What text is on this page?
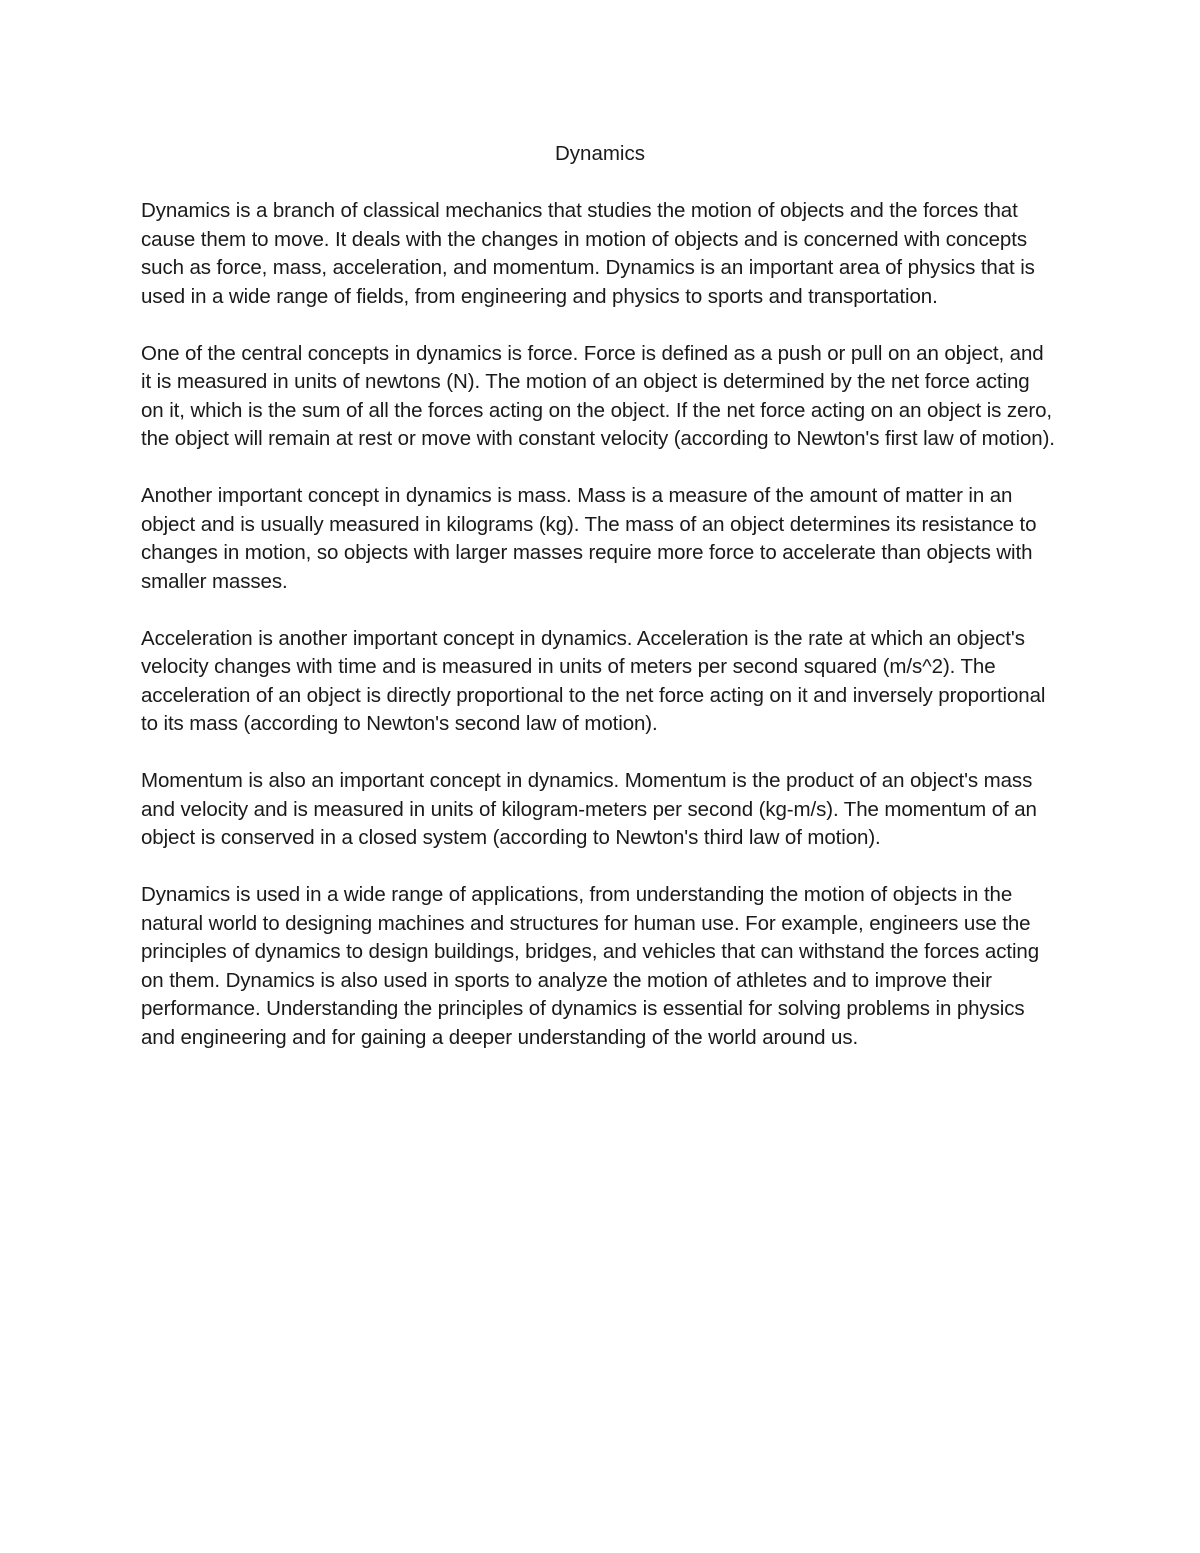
Dynamics

Dynamics is a branch of classical mechanics that studies the motion of objects and the forces that cause them to move. It deals with the changes in motion of objects and is concerned with concepts such as force, mass, acceleration, and momentum. Dynamics is an important area of physics that is used in a wide range of fields, from engineering and physics to sports and transportation.

One of the central concepts in dynamics is force. Force is defined as a push or pull on an object, and it is measured in units of newtons (N). The motion of an object is determined by the net force acting on it, which is the sum of all the forces acting on the object. If the net force acting on an object is zero, the object will remain at rest or move with constant velocity (according to Newton's first law of motion).

Another important concept in dynamics is mass. Mass is a measure of the amount of matter in an object and is usually measured in kilograms (kg). The mass of an object determines its resistance to changes in motion, so objects with larger masses require more force to accelerate than objects with smaller masses.

Acceleration is another important concept in dynamics. Acceleration is the rate at which an object's velocity changes with time and is measured in units of meters per second squared (m/s^2). The acceleration of an object is directly proportional to the net force acting on it and inversely proportional to its mass (according to Newton's second law of motion).

Momentum is also an important concept in dynamics. Momentum is the product of an object's mass and velocity and is measured in units of kilogram-meters per second (kg-m/s). The momentum of an object is conserved in a closed system (according to Newton's third law of motion).

Dynamics is used in a wide range of applications, from understanding the motion of objects in the natural world to designing machines and structures for human use. For example, engineers use the principles of dynamics to design buildings, bridges, and vehicles that can withstand the forces acting on them. Dynamics is also used in sports to analyze the motion of athletes and to improve their performance. Understanding the principles of dynamics is essential for solving problems in physics and engineering and for gaining a deeper understanding of the world around us.
